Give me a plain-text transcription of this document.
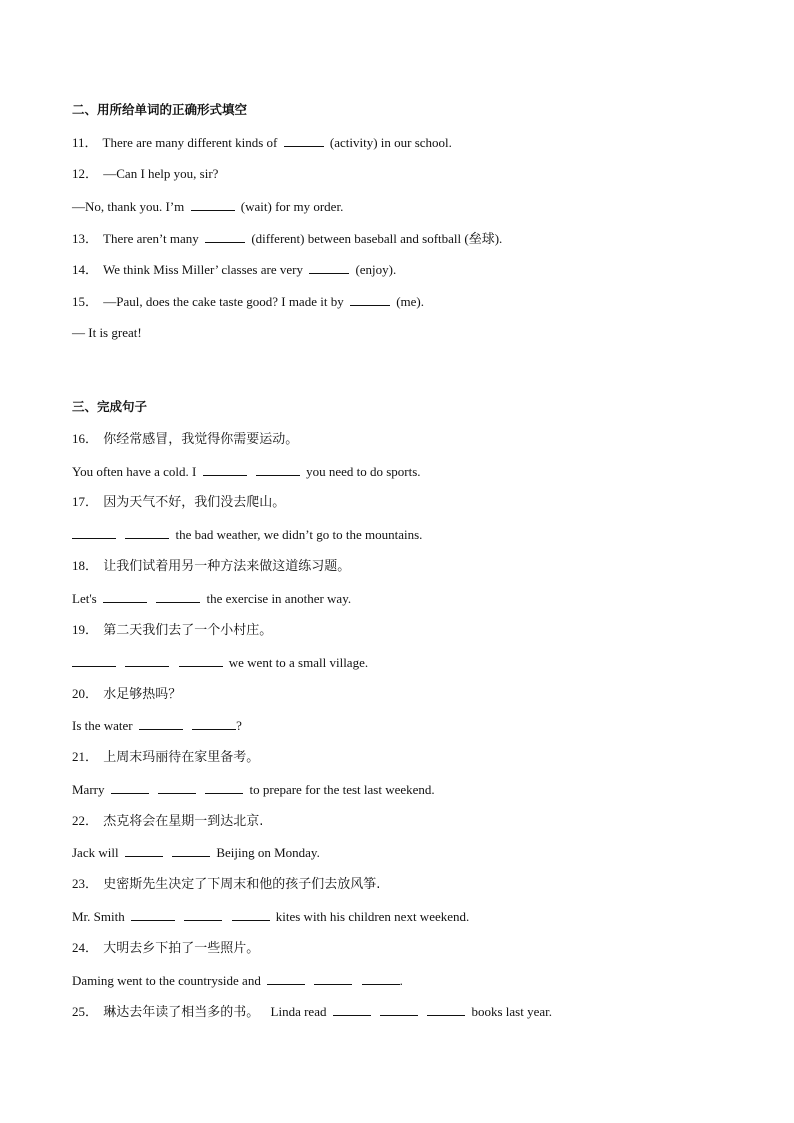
二、用所给单词的正确形式填空
11． There are many different kinds of	(activity) in our school.
12． —Can I help you, sir?
—No, thank you. I’m	(wait) for my order.
13． There aren’t many	(different) between baseball and softball (垒球).
14． We think Miss Miller’ classes are very	(enjoy).
15． —Paul, does the cake taste good? I made it by	(me).
— It is great!
三、完成句子
16． 你经常感冒，我觉得你需要运动。
You often have a cold. I	you need to do sports.
17． 因为天气不好，我们没去爬山。
the bad weather, we didn’t go to the mountains.
18． 让我们试着用另一种方法来做这道练习题。
Let's	the exercise in another way.
19． 第二天我们去了一个小村庄。
we went to a small village.
20． 水足够热吗？
Is the water	?
21． 上周末玛丽待在家里备考。
Marry	to prepare for the test last weekend.
22． 杰克将会在星期一到达北京.
Jack will	Beijing on Monday.
23． 史密斯先生决定了下周末和他的孩子们去放风筝.
Mr. Smith	kites with his children next weekend.
24． 大明去乡下拍了一些照片。
Daming went to the countryside and	.
25． 琳达去年读了相当多的书。 Linda read	books last year.
